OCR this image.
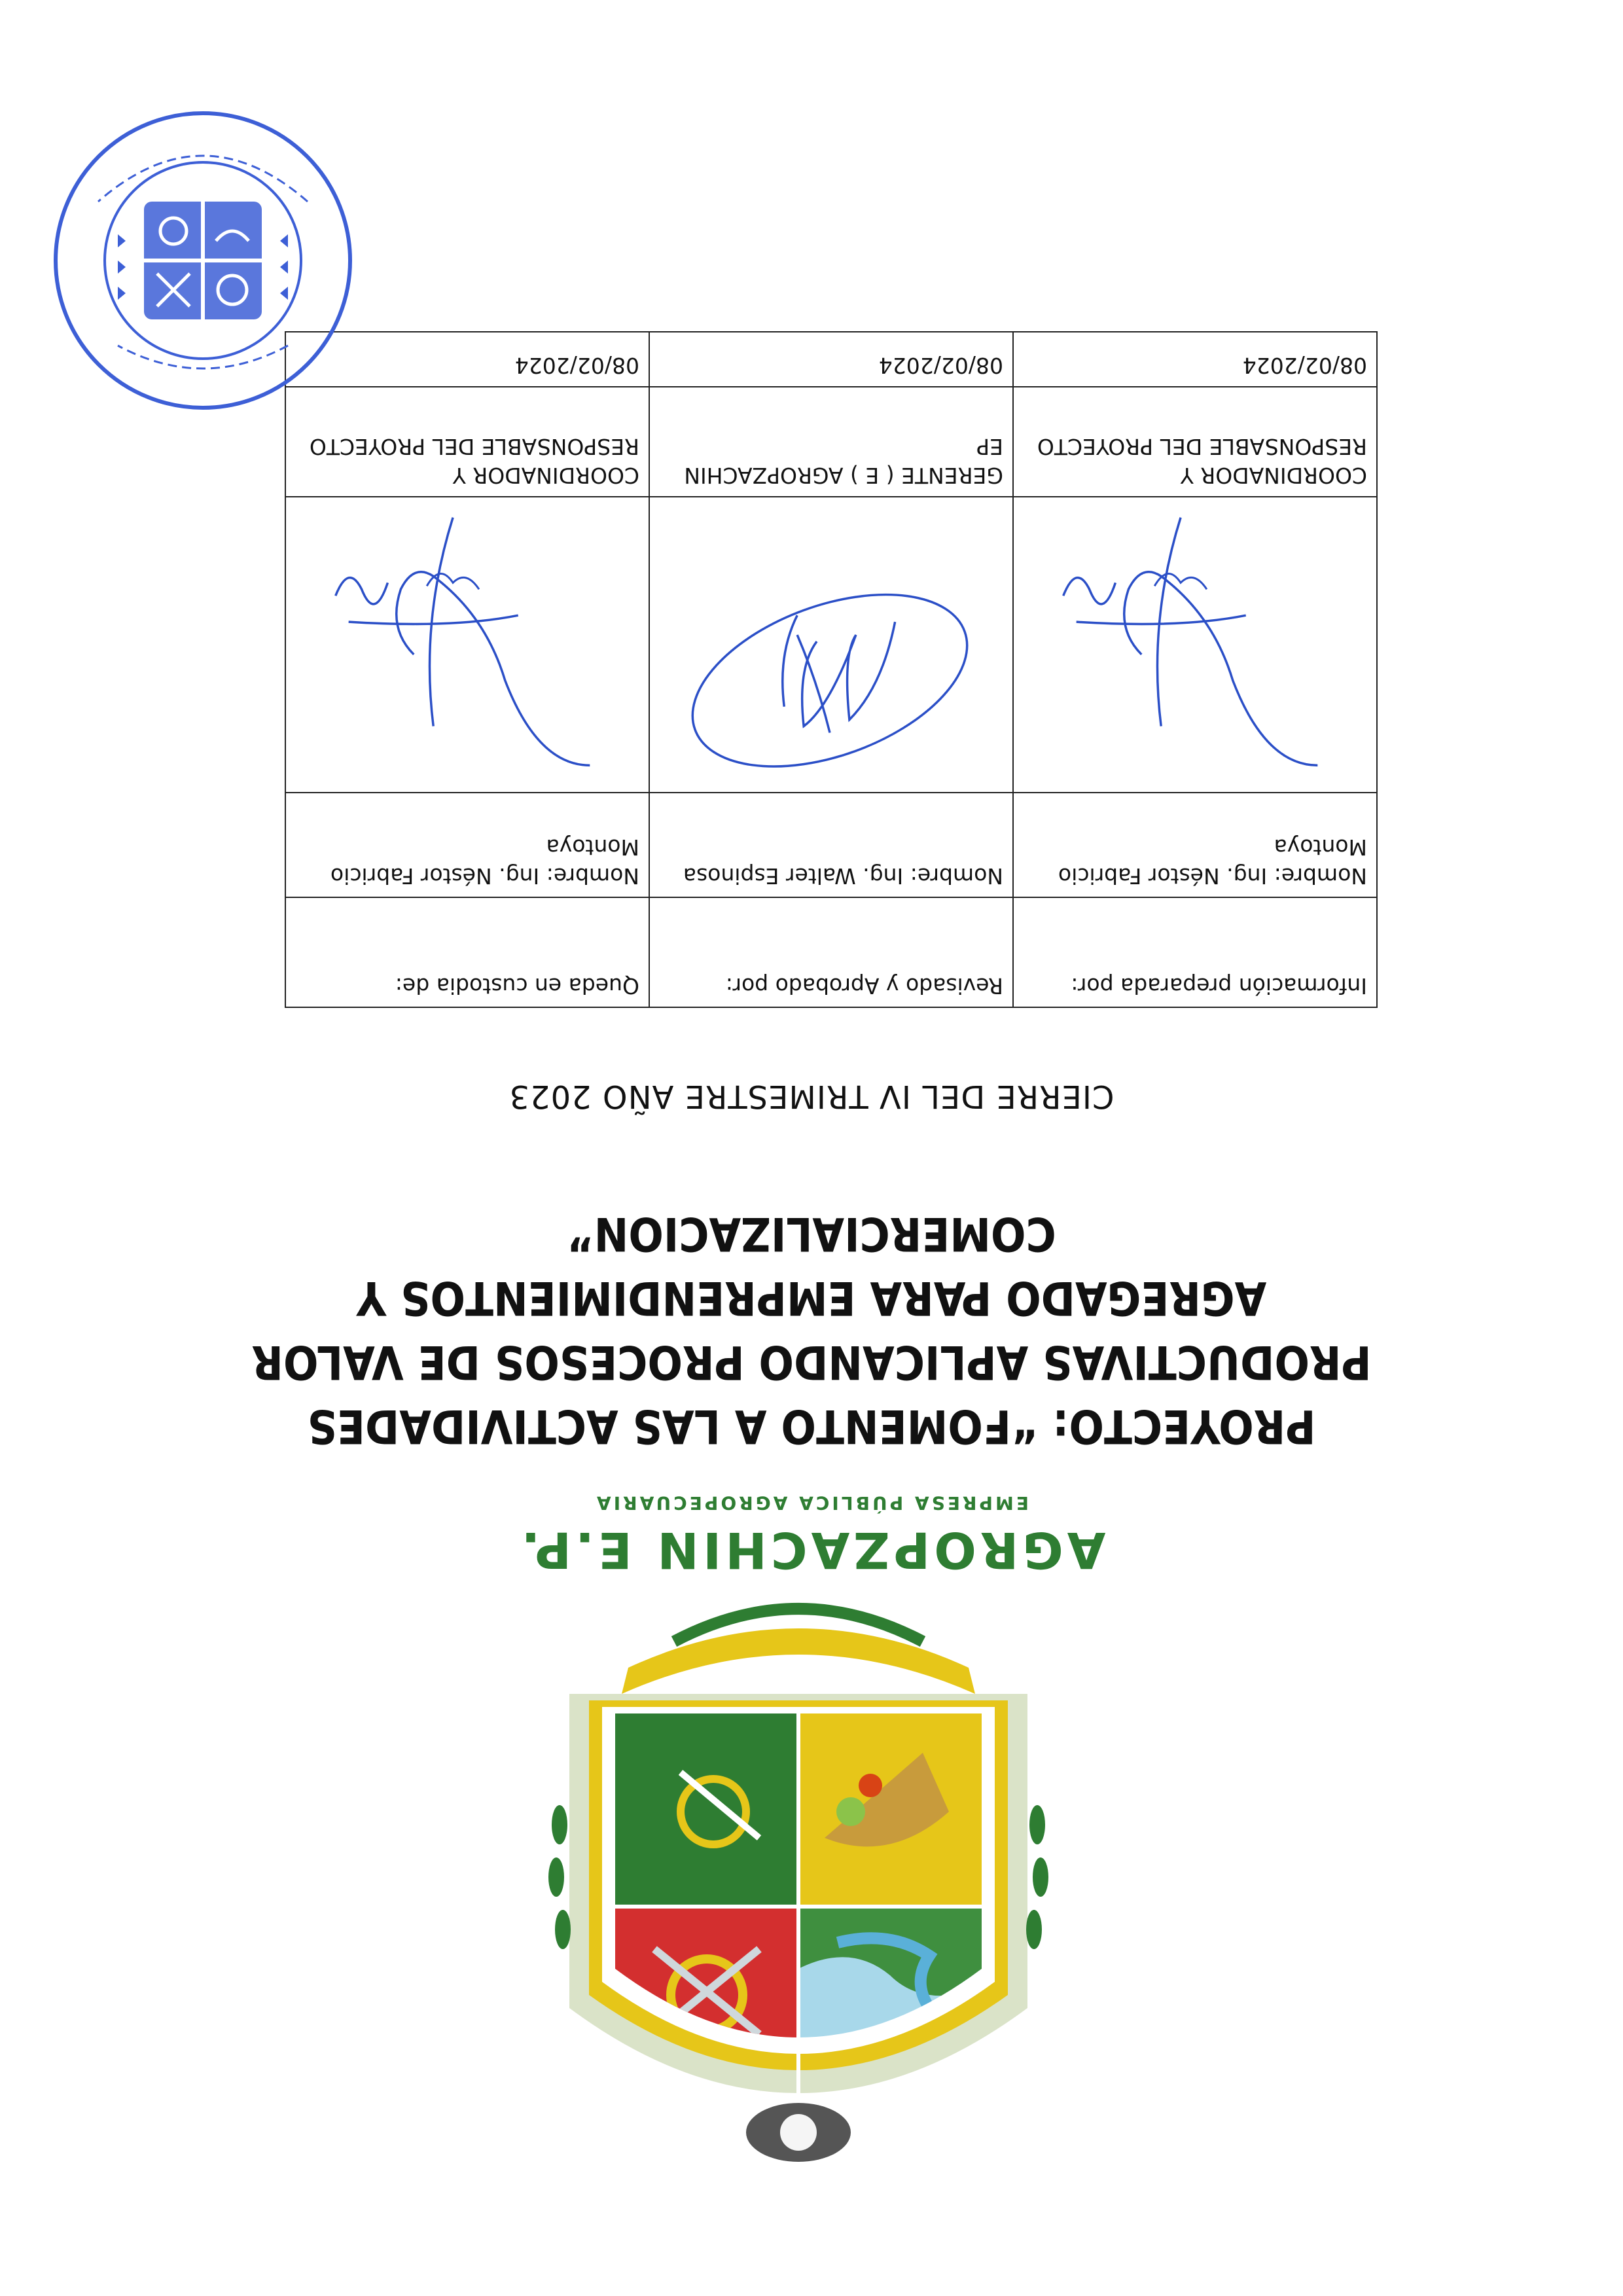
AGROPZACHIN E.P.
EMPRESA PÚBLICA AGROPECUARIA
PROYECTO: “FOMENTO A LAS ACTIVIDADES
PRODUCTIVAS APLICANDO PROCESOS DE VALOR
AGREGADO PARA EMPRENDIMIENTOS Y
COMERCIALIZACION”
CIERRE DEL IV TRIMESTRE AÑO 2023
Información preparada por:	Revisado y Aprobado por:	Queda en custodia de:
Nombre: Ing. Néstor Fabricio Montoya	Nombre: Ing. Walter Espinosa	Nombre: Ing. Néstor Fabricio Montoya

COORDINADOR Y RESPONSABLE DEL PROYECTO	GERENTE ( E ) AGROPZACHIN EP	COORDINADOR Y RESPONSABLE DEL PROYECTO
08/02/2024	08/02/2024	08/02/2024
